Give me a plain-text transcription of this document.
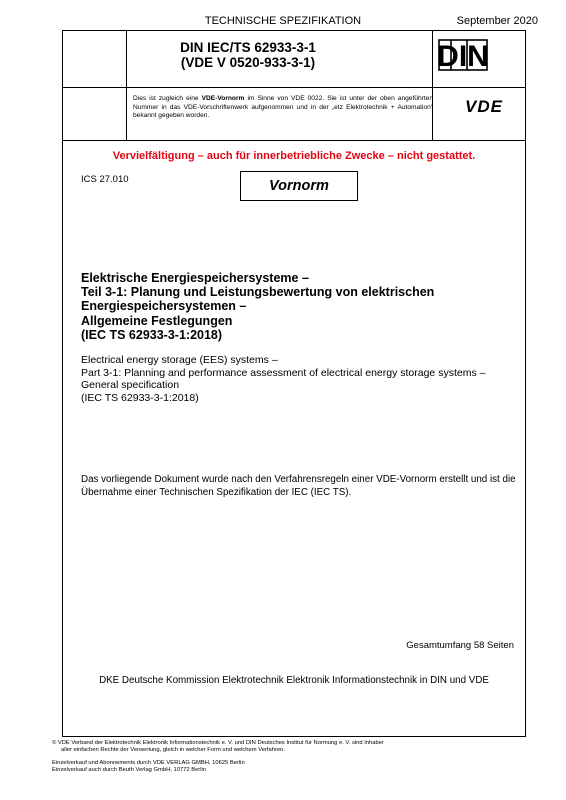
TECHNISCHE SPEZIFIKATION	September 2020
DIN IEC/TS 62933-3-1
(VDE V 0520-933-3-1)	DIN
Dies ist zugleich eine VDE-Vornorm im Sinne von VDE 0022. Sie ist unter der oben angeführten Nummer in das VDE-Vorschriftenwerk aufgenommen und in der „etz Elektrotechnik + Automation“ bekannt gegeben worden.	VDE
Vervielfältigung – auch für innerbetriebliche Zwecke – nicht gestattet.
ICS 27.010	Vornorm
Elektrische Energiespeichersysteme –
Teil 3-1: Planung und Leistungsbewertung von elektrischen
Energiespeichersystemen –
Allgemeine Festlegungen
(IEC TS 62933-3-1:2018)
Electrical energy storage (EES) systems –
Part 3-1: Planning and performance assessment of electrical energy storage systems –
General specification
(IEC TS 62933-3-1:2018)
Das vorliegende Dokument wurde nach den Verfahrensregeln einer VDE-Vornorm erstellt und ist die Übernahme einer Technischen Spezifikation der IEC (IEC TS).
Gesamtumfang 58 Seiten
DKE Deutsche Kommission Elektrotechnik Elektronik Informationstechnik in DIN und VDE

© VDE Verband der Elektrotechnik Elektronik Informationstechnik e. V. und DIN Deutsches Institut für Normung e. V. sind Inhaber

aller einfachen Rechte der Verwertung, gleich in welcher Form und welchem Verfahren.

Einzelverkauf und Abonnements durch VDE VERLAG GMBH, 10625 Berlin

Einzelverkauf auch durch Beuth Verlag GmbH, 10772 Berlin
